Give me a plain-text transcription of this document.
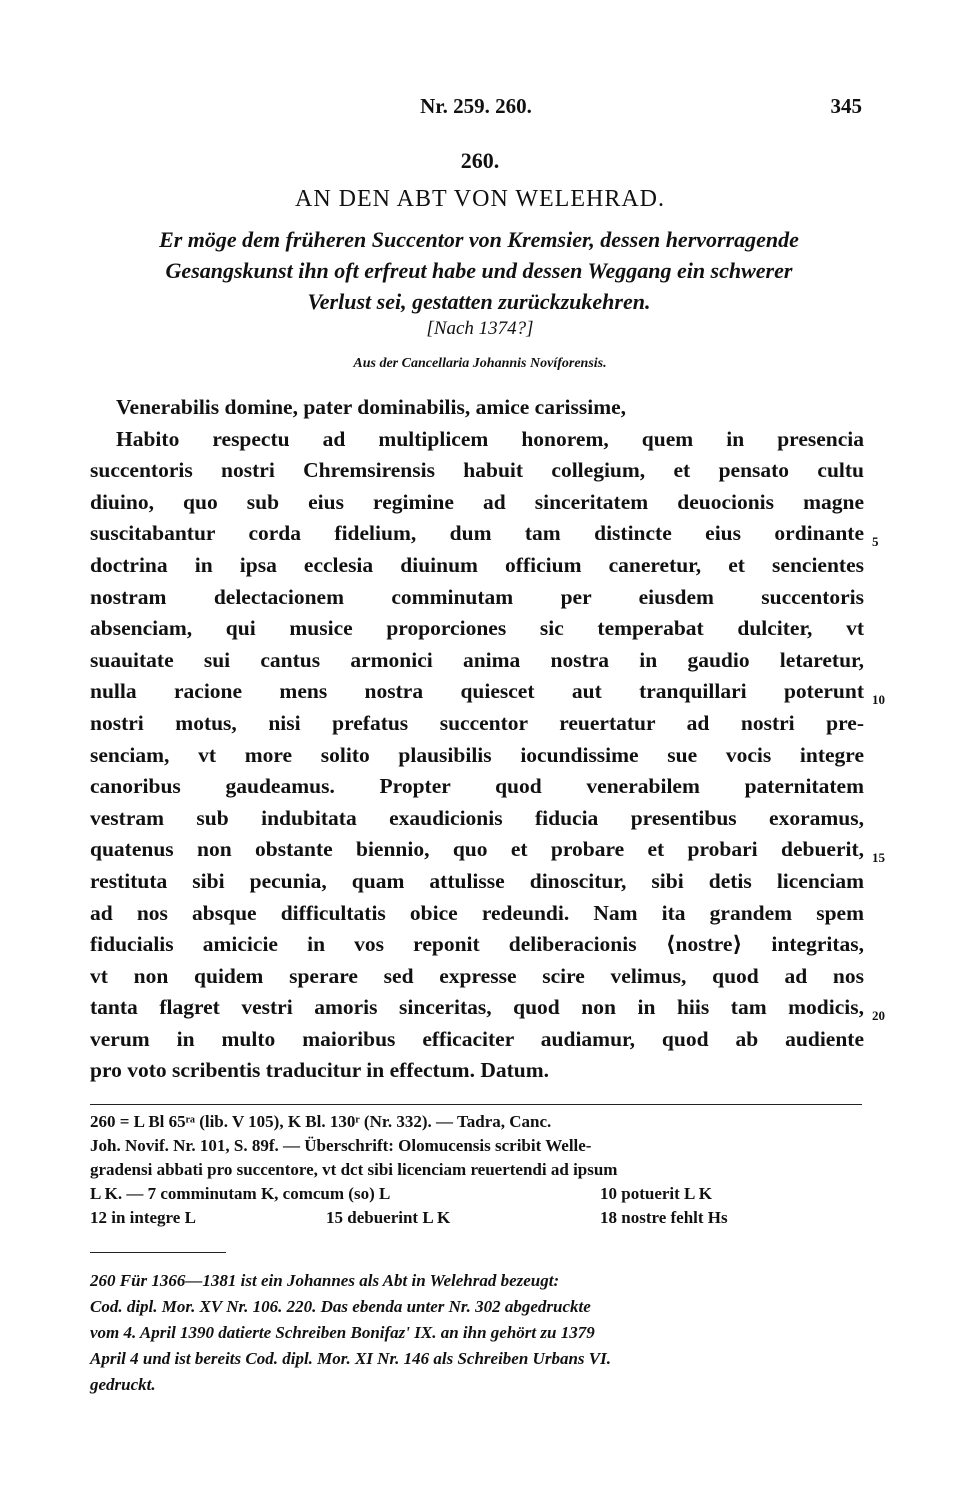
Nr. 259. 260.	345
260.
AN DEN ABT VON WELEHRAD.
Er möge dem früheren Succentor von Kremsier, dessen hervorragende
Gesangskunst ihn oft erfreut habe und dessen Weggang ein schwerer
Verlust sei, gestatten zurückzukehren.
[Nach 1374?]
Aus der Cancellaria Johannis Novíforensis.
Venerabilis domine, pater dominabilis, amice carissime,
Habito respectu ad multiplicem honorem, quem in presencia
succentoris nostri Chremsirensis habuit collegium, et pensato cultu
diuino, quo sub eius regimine ad sinceritatem deuocionis magne
suscitabantur corda fidelium, dum tam distincte eius ordinante
doctrina in ipsa ecclesia diuinum officium caneretur, et sencientes
nostram delectacionem comminutam per eiusdem succentoris
absenciam, qui musice proporciones sic temperabat dulciter, vt
suauitate sui cantus armonici anima nostra in gaudio letaretur,
nulla racione mens nostra quiescet aut tranquillari poterunt
nostri motus, nisi prefatus succentor reuertatur ad nostri pre-
senciam, vt more solito plausibilis iocundissime sue vocis integre
canoribus gaudeamus. Propter quod venerabilem paternitatem
vestram sub indubitata exaudicionis fiducia presentibus exoramus,
quatenus non obstante biennio, quo et probare et probari debuerit,
restituta sibi pecunia, quam attulisse dinoscitur, sibi detis licenciam
ad nos absque difficultatis obice redeundi. Nam ita grandem spem
fiducialis amicicie in vos reponit deliberacionis ⟨nostre⟩ integritas,
vt non quidem sperare sed expresse scire velimus, quod ad nos
tanta flagret vestri amoris sinceritas, quod non in hiis tam modicis,
verum in multo maioribus efficaciter audiamur, quod ab audiente
pro voto scribentis traducitur in effectum. Datum.
5
10
15
20
260 = L Bl 65ʳᵃ (lib. V 105), K Bl. 130ʳ (Nr. 332). — Tadra, Canc.
Joh. Novif. Nr. 101, S. 89f. — Überschrift: Olomucensis scribit Welle-
gradensi abbati pro succentore, vt dct sibi licenciam reuertendi ad ipsum
L K. — 7 comminutam K, comcum (so) L	10 potuerit L K
12 in integre L	15 debuerint L K	18 nostre fehlt Hs
260 Für 1366—1381 ist ein Johannes als Abt in Welehrad bezeugt:
Cod. dipl. Mor. XV Nr. 106. 220. Das ebenda unter Nr. 302 abgedruckte
vom 4. April 1390 datierte Schreiben Bonifaz' IX. an ihn gehört zu 1379
April 4 und ist bereits Cod. dipl. Mor. XI Nr. 146 als Schreiben Urbans VI.
gedruckt.
